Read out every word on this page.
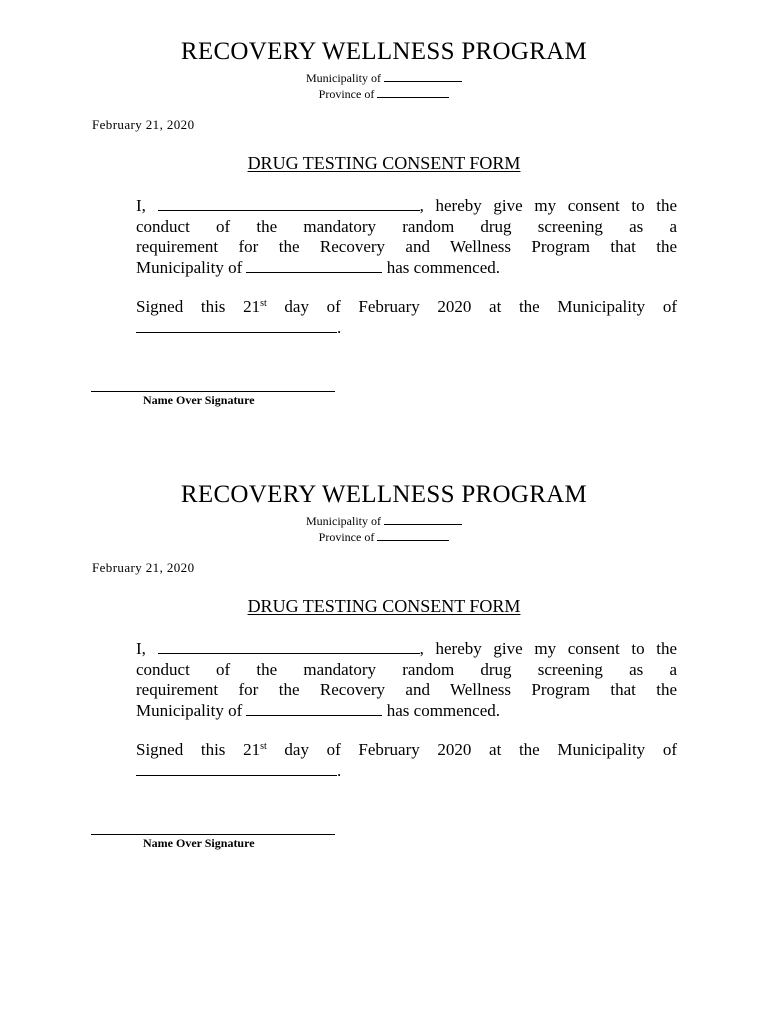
RECOVERY WELLNESS PROGRAM
Municipality of
Province of
February 21, 2020
DRUG TESTING CONSENT FORM
I,	, hereby give my consent to the
conduct of the mandatory random drug screening as a
requirement for the Recovery and Wellness Program that the
Municipality of	has commenced.
Signed this 21st day of February 2020 at the Municipality of
.
Name Over Signature
RECOVERY WELLNESS PROGRAM
Municipality of
Province of
February 21, 2020
DRUG TESTING CONSENT FORM
I,	, hereby give my consent to the
conduct of the mandatory random drug screening as a
requirement for the Recovery and Wellness Program that the
Municipality of	has commenced.
Signed this 21st day of February 2020 at the Municipality of
.
Name Over Signature
